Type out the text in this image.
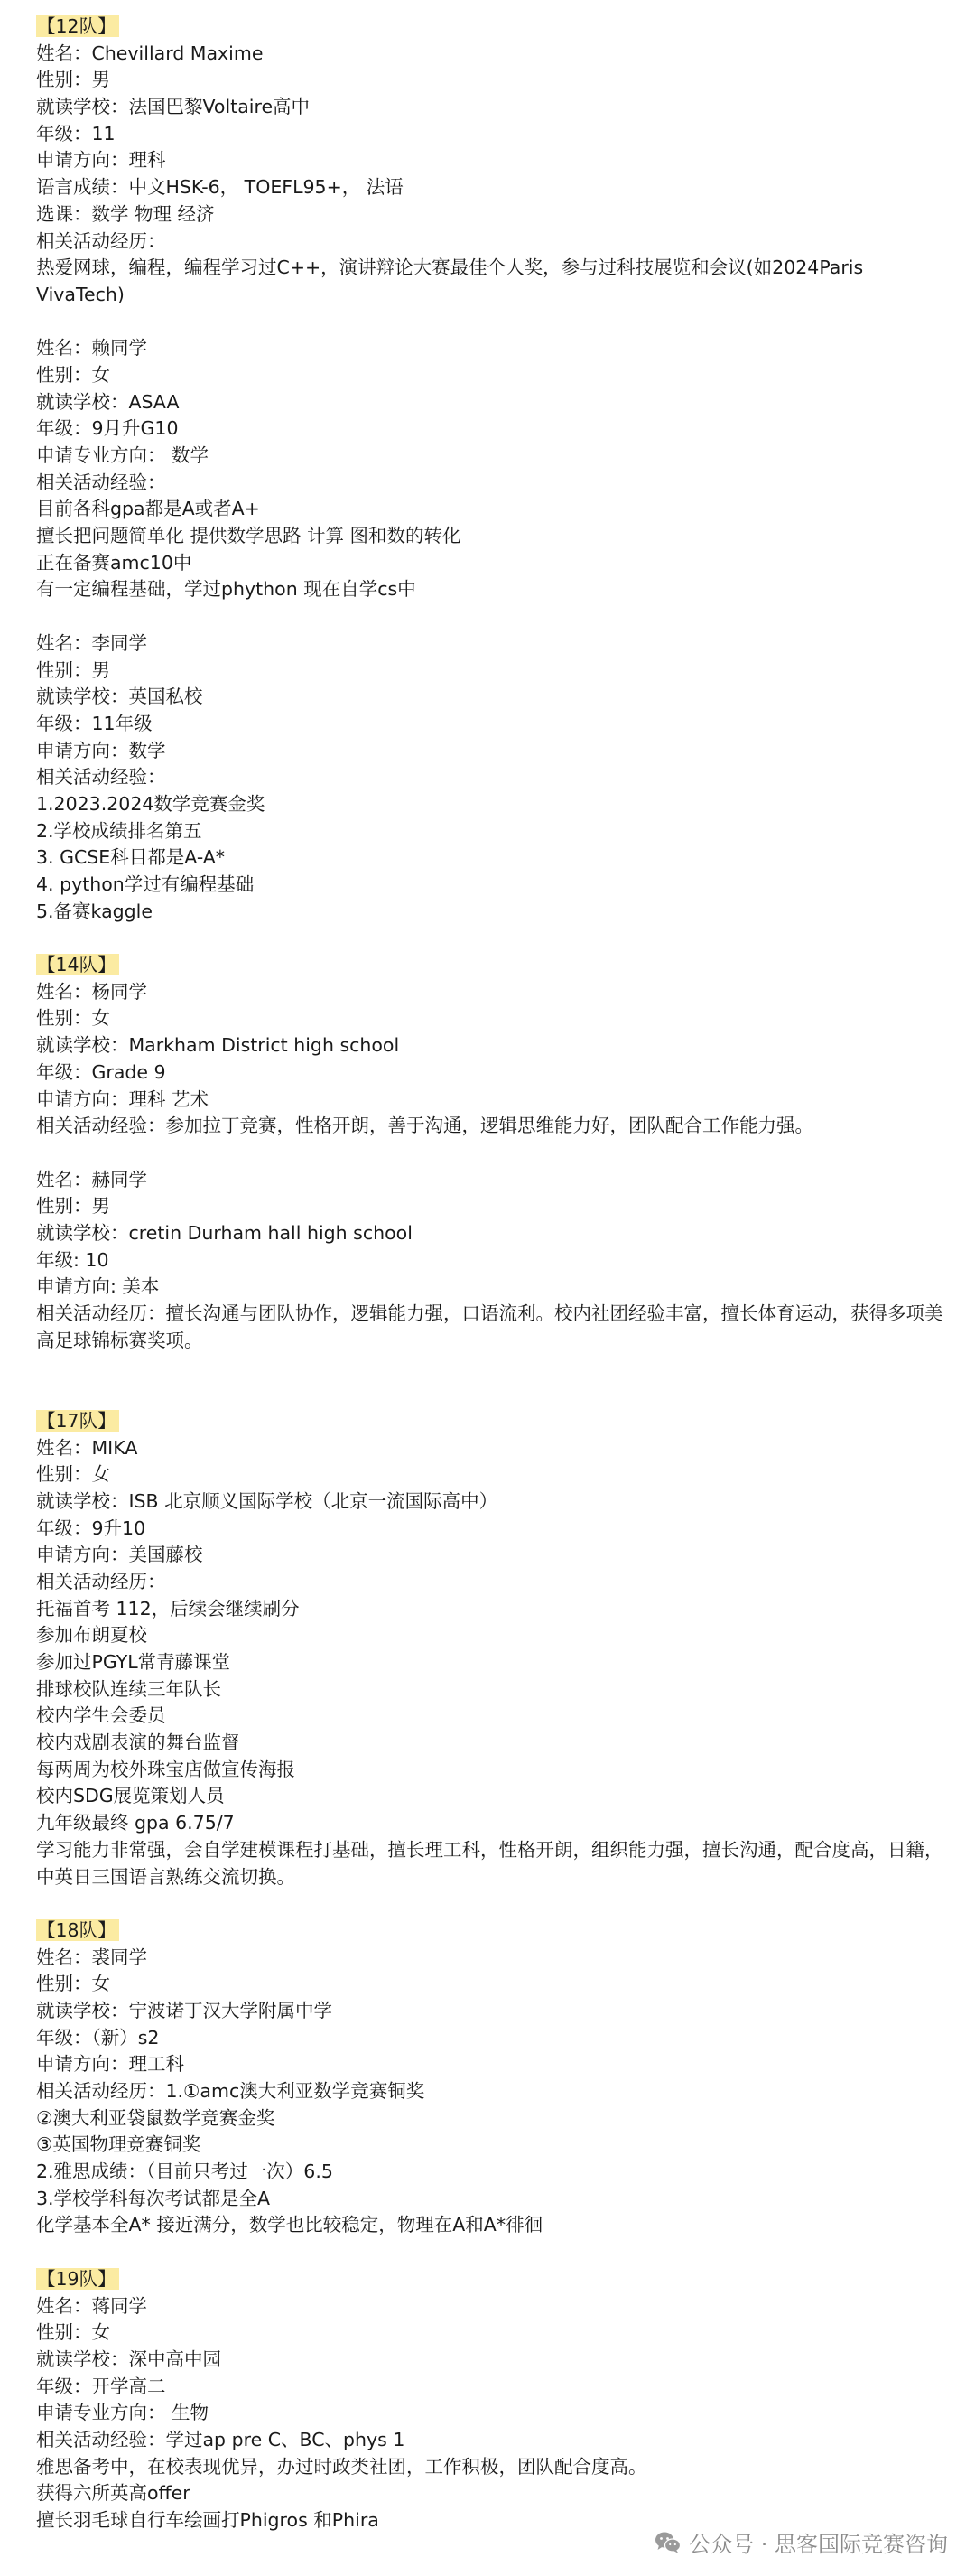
【12队】
姓名：Chevillard Maxime
性别：男
就读学校：法国巴黎Voltaire高中
年级：11
申请方向：理科
语言成绩：中文HSK-6， TOEFL95+， 法语
选课：数学 物理 经济
相关活动经历：
热爱网球，编程，编程学习过C++，演讲辩论大赛最佳个人奖，参与过科技展览和会议(如2024Paris VivaTech)
姓名：赖同学
性别：女
就读学校：ASAA
年级：9月升G10
申请专业方向： 数学
相关活动经验：
目前各科gpa都是A或者A+
擅长把问题简单化 提供数学思路 计算 图和数的转化
正在备赛amc10中
有一定编程基础，学过phython 现在自学cs中
姓名：李同学
性别：男
就读学校：英国私校
年级：11年级
申请方向：数学
相关活动经验：
1.2023.2024数学竞赛金奖
2.学校成绩排名第五
3. GCSE科目都是A-A*
4. python学过有编程基础
5.备赛kaggle
【14队】
姓名：杨同学
性别：女
就读学校：Markham District high school
年级：Grade 9
申请方向：理科 艺术
相关活动经验：参加拉丁竞赛，性格开朗，善于沟通，逻辑思维能力好，团队配合工作能力强。
姓名：赫同学
性别：男
就读学校：cretin Durham hall high school
年级: 10
申请方向: 美本
相关活动经历：擅长沟通与团队协作，逻辑能力强，口语流利。校内社团经验丰富，擅长体育运动，获得多项美高足球锦标赛奖项。
【17队】
姓名：MIKA
性别：女
就读学校：ISB 北京顺义国际学校（北京一流国际高中）
年级：9升10
申请方向：美国藤校
相关活动经历：
托福首考 112，后续会继续刷分
参加布朗夏校
参加过PGYL常青藤课堂
排球校队连续三年队长
校内学生会委员
校内戏剧表演的舞台监督
每两周为校外珠宝店做宣传海报
校内SDG展览策划人员
九年级最终 gpa 6.75/7
学习能力非常强，会自学建模课程打基础，擅长理工科，性格开朗，组织能力强，擅长沟通，配合度高，日籍，中英日三国语言熟练交流切换。
【18队】
姓名：裘同学
性别：女
就读学校：宁波诺丁汉大学附属中学
年级：（新）s2
申请方向：理工科
相关活动经历：1.①amc澳大利亚数学竞赛铜奖
②澳大利亚袋鼠数学竞赛金奖
③英国物理竞赛铜奖
2.雅思成绩：（目前只考过一次）6.5
3.学校学科每次考试都是全A
化学基本全A* 接近满分，数学也比较稳定，物理在A和A*徘徊
【19队】
姓名：蒋同学
性别：女
就读学校：深中高中园
年级：开学高二
申请专业方向： 生物
相关活动经验：学过ap pre C、BC、phys 1
雅思备考中，在校表现优异，办过时政类社团，工作积极，团队配合度高。
获得六所英高offer
擅长羽毛球自行车绘画打Phigros 和Phira
公众号 · 思客国际竞赛咨询
